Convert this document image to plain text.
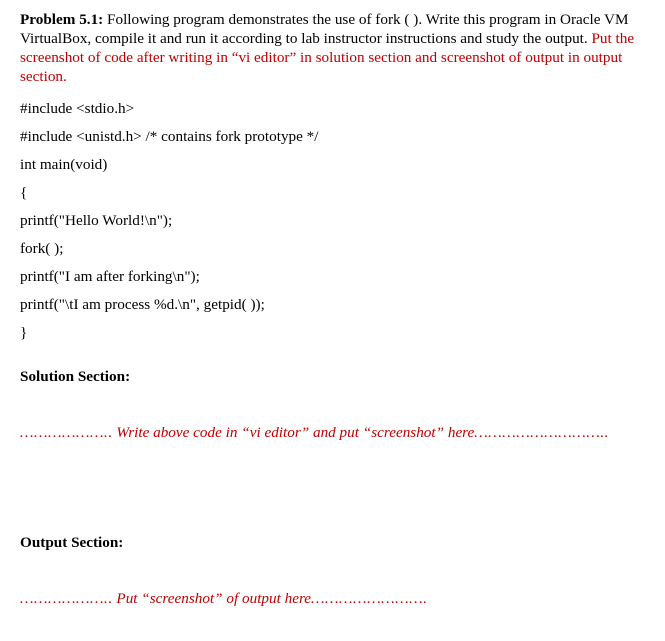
Problem 5.1: Following program demonstrates the use of fork ( ). Write this program in Oracle VM VirtualBox, compile it and run it according to lab instructor instructions and study the output. Put the screenshot of code after writing in “vi editor” in solution section and screenshot of output in output section.

#include <stdio.h>
#include <unistd.h> /* contains fork prototype */
int main(void)
{
printf("Hello World!\n");
fork( );
printf("I am after forking\n");
printf("\tI am process %d.\n", getpid( ));
}
Solution Section:
……………….. Write above code in “vi editor” and put “screenshot” here………………………..
Output Section:
……………….. Put “screenshot” of output here…………………….
